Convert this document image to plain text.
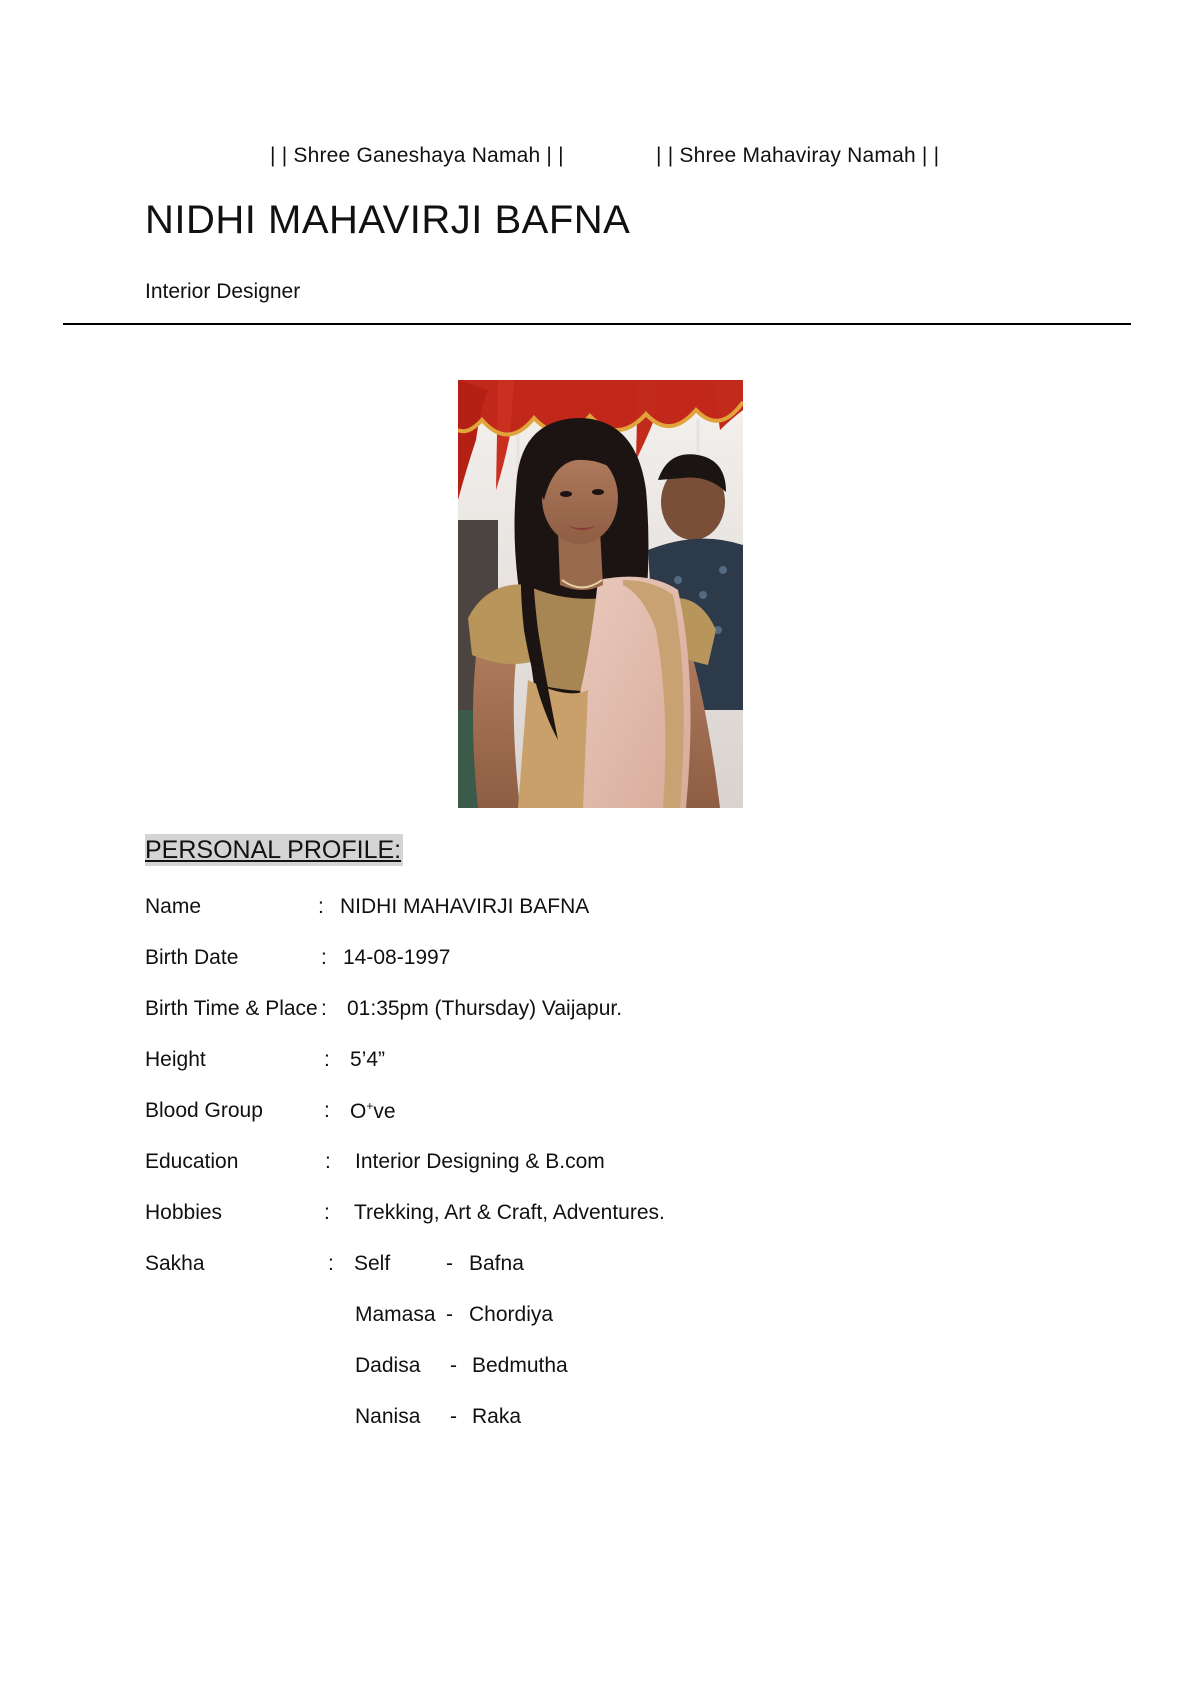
| | Shree Ganeshaya Namah | |	| | Shree Mahaviray Namah | |
NIDHI MAHAVIRJI BAFNA
Interior Designer
PERSONAL PROFILE:
Name	: NIDHI MAHAVIRJI BAFNA
Birth Date	: 14-08-1997
Birth Time & Place : 01:35pm (Thursday) Vaijapur.
Height	: 5’4”
Blood Group	: O+ve
Education	: Interior Designing & B.com
Hobbies	: Trekking, Art & Craft, Adventures.
Sakha	: Self	- Bafna
Mamasa - Chordiya
Dadisa - Bedmutha
Nanisa - Raka
